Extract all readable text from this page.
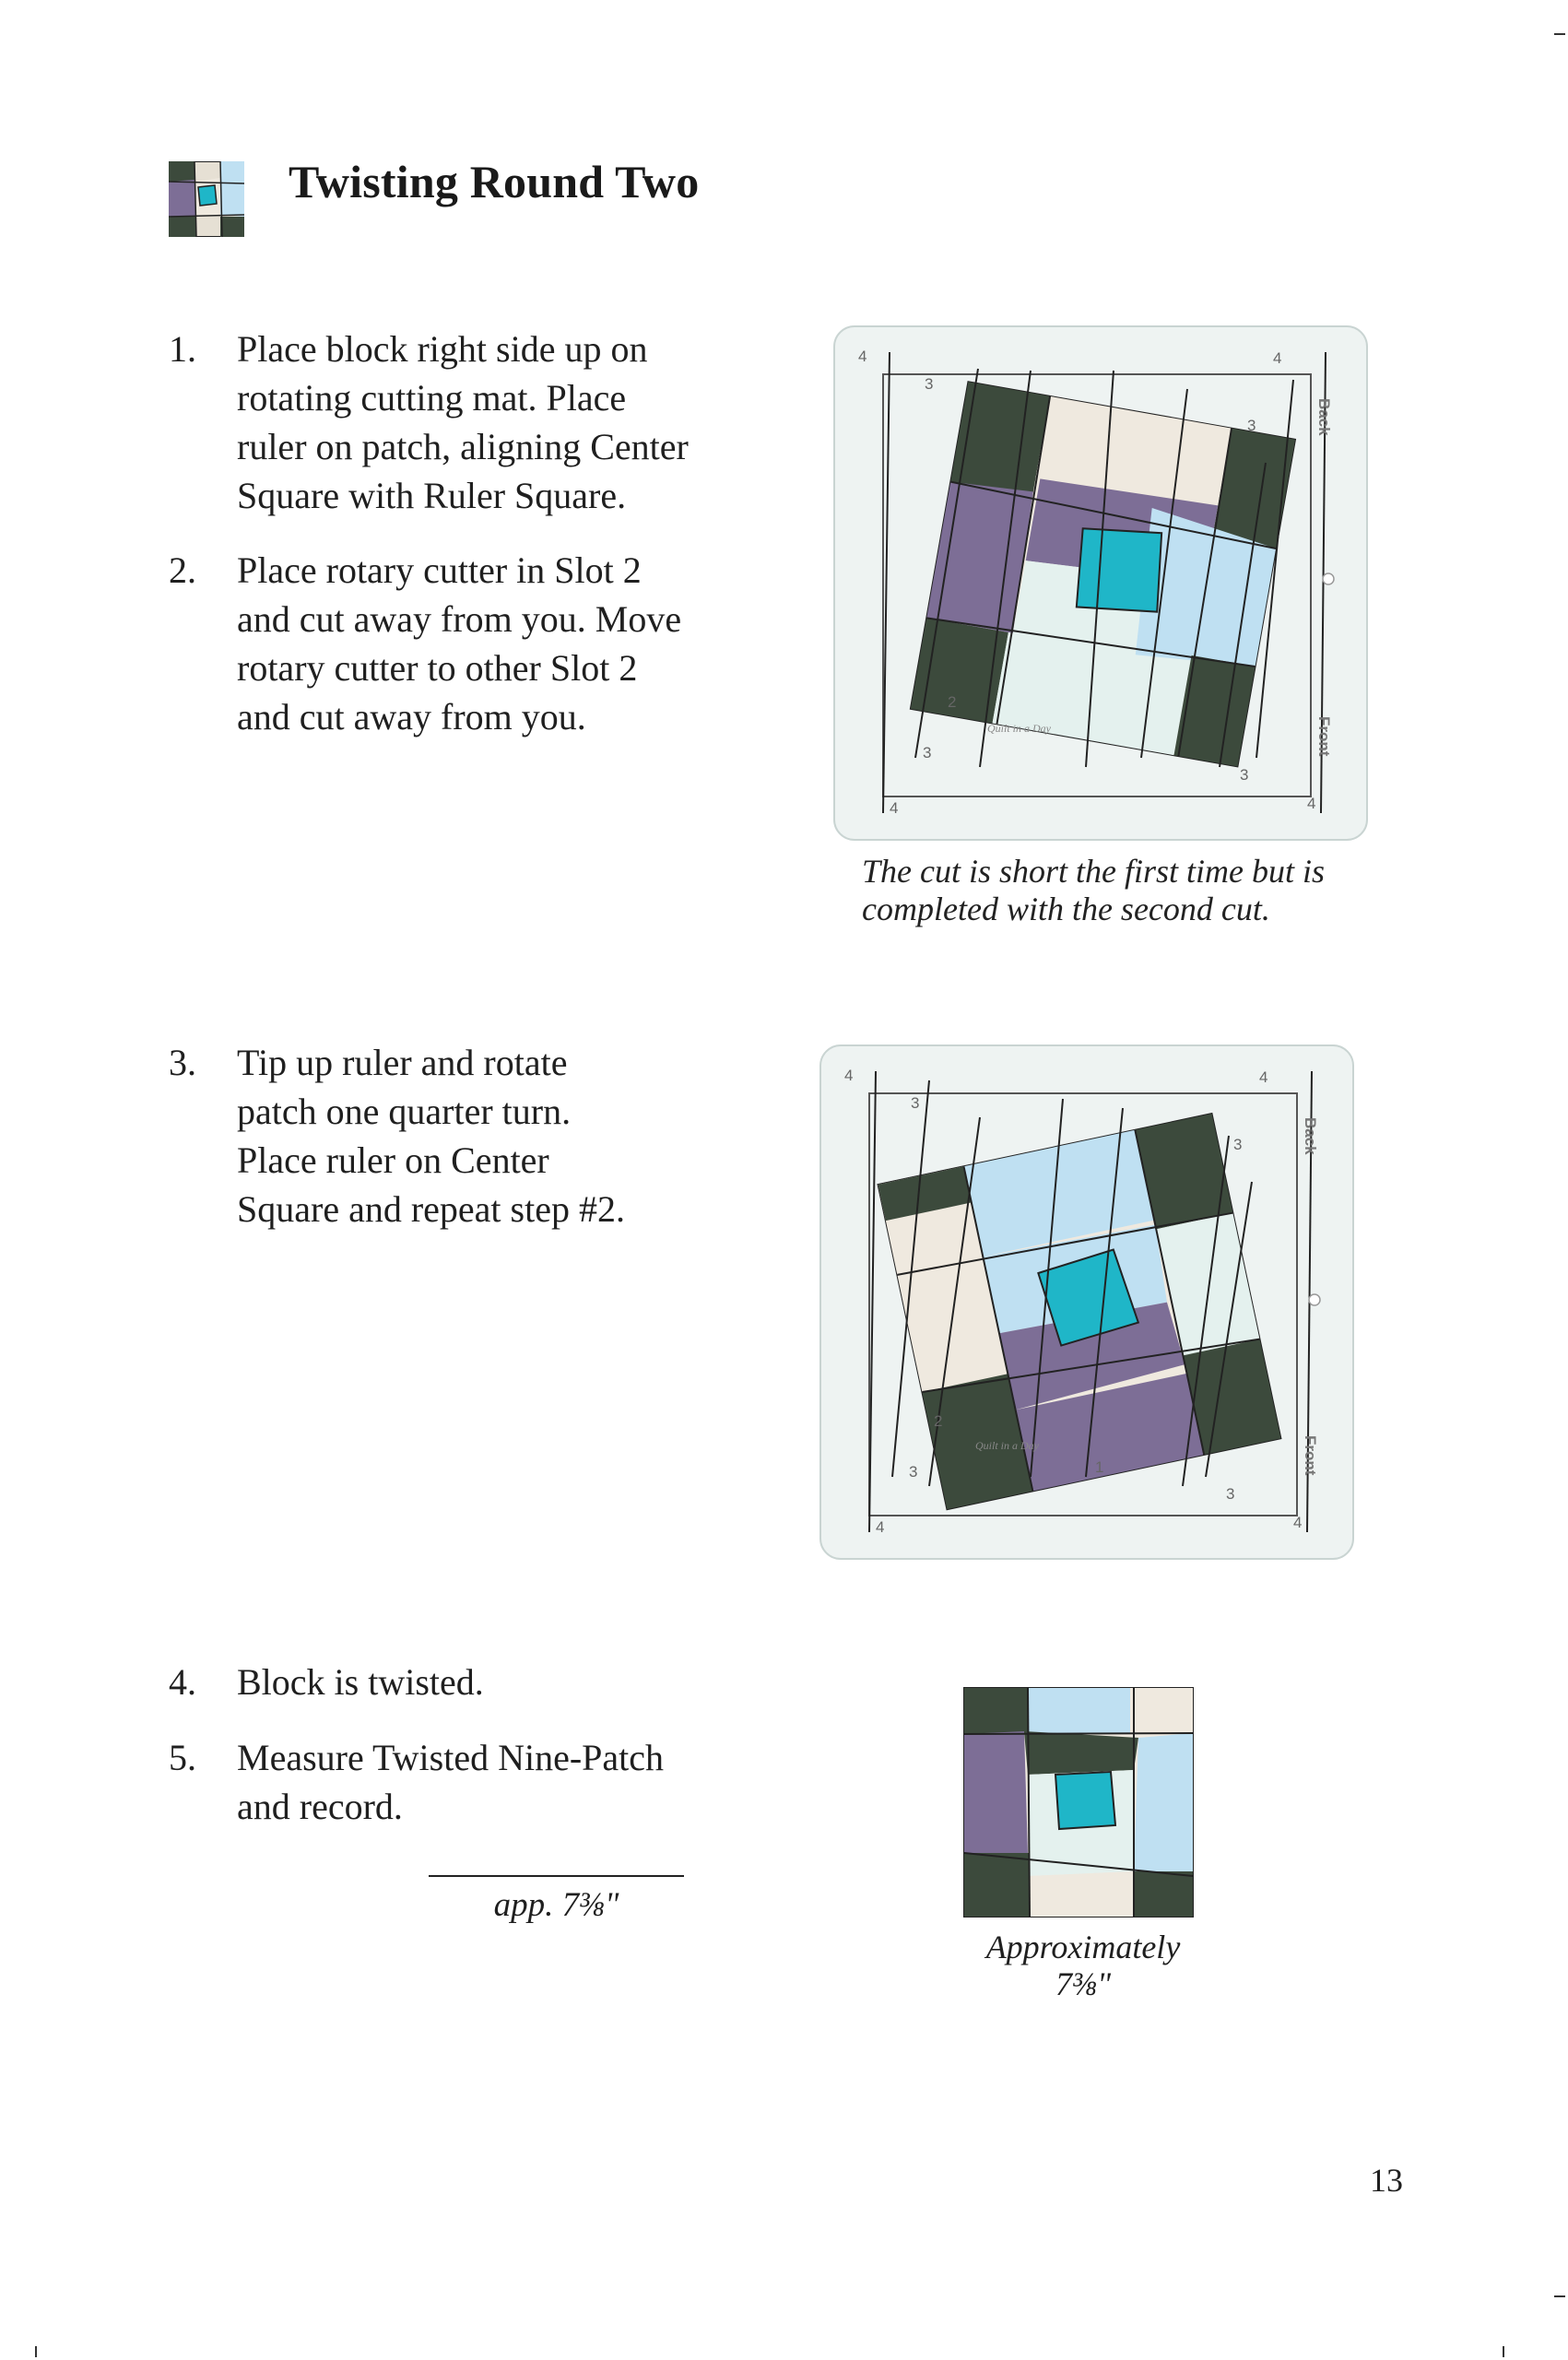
Twisting Round Two
1.	Place block right side up on
rotating cutting mat. Place
ruler on patch, aligning Center
Square with Ruler Square.
2.	Place rotary cutter in Slot 2
and cut away from you. Move
rotary cutter to other Slot 2
and cut away from you.
3.	Tip up ruler and rotate
patch one quarter turn.
Place ruler on Center
Square and repeat step #2.
4.	Block is twisted.
5.	Measure Twisted Nine-Patch
and record.
4	4
3
3
2
3
3
4	4
Back
Front
Quilt in a Day
The cut is short the first time but is
completed with the second cut.
4	4
3
3
2
1
3
3
4	4
Back
Front
Quilt in a Day
app. 7⅜"
Approximately
7⅜"
13
